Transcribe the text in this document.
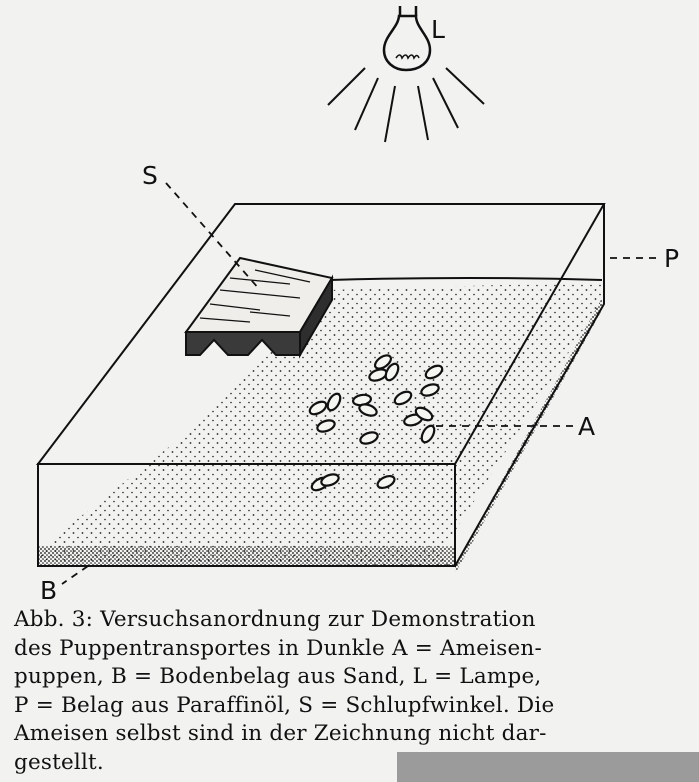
L
S
P
A
B
Abb. 3: Versuchsanordnung zur Demonstration
des Puppentransportes in Dunkle A = Ameisen-
puppen, B = Bodenbelag aus Sand, L = Lampe,
P = Belag aus Paraffinöl, S = Schlupfwinkel. Die
Ameisen selbst sind in der Zeichnung nicht dar-
gestellt.
